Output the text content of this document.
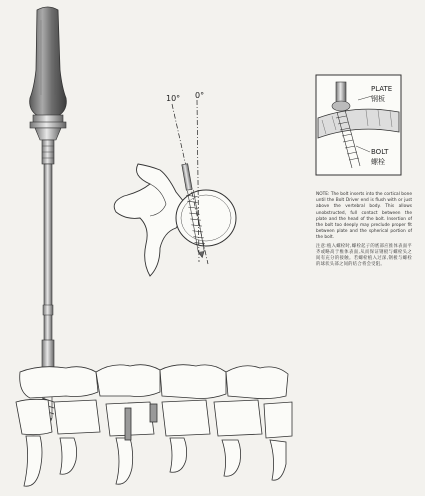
10° 0°
PLATE
钢板
BOLT
螺栓

NOTE: The bolt inserts into the cortical bone until the Bolt Driver end is flush with or just above the vertebral body. This allows unobstructed, full contact between the plate and the head of the bolt. Insertion of the bolt too deeply may preclude proper fit between plate and the spherical portion of the bolt.

注意:植入螺栓时,螺栓起子的底部应推体表面平齐或略高于椎体表面,从而保证钢板与螺栓头之间有充分的接触。若螺栓植入过深,钢板与螺栓的球状头部之间的结合将会受阻。
